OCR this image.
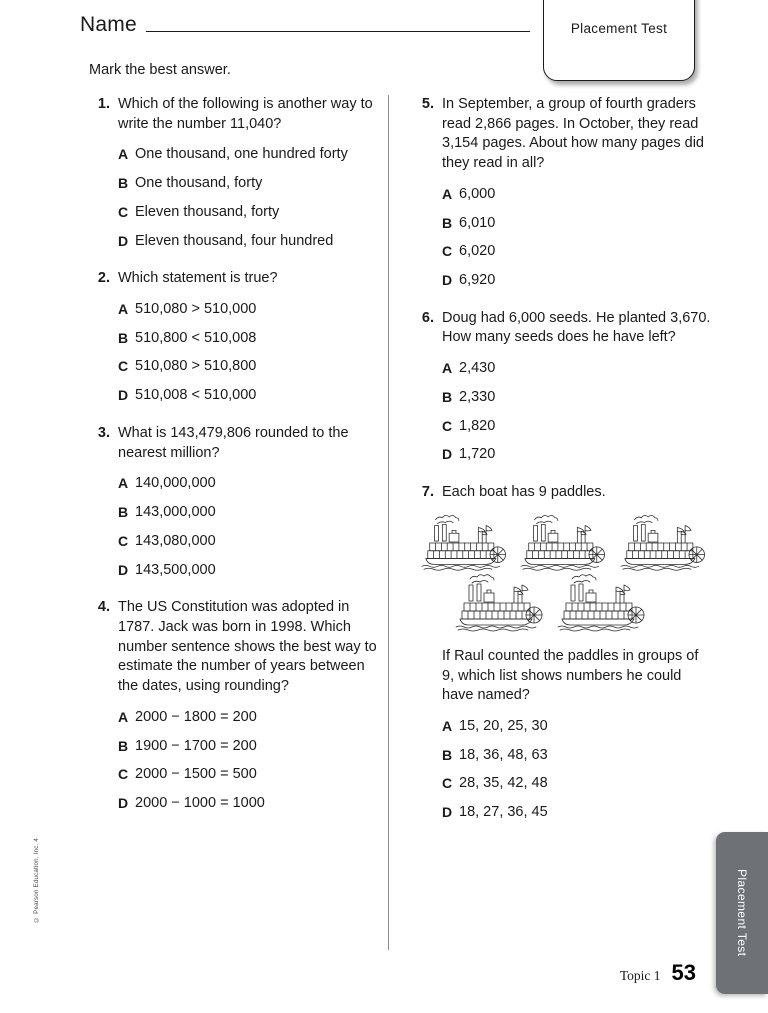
Name	Placement Test
Mark the best answer.
1. Which of the following is another way to write the number 11,040?
A One thousand, one hundred forty
B One thousand, forty
C Eleven thousand, forty
D Eleven thousand, four hundred
2. Which statement is true?
A 510,080 > 510,000
B 510,800 < 510,008
C 510,080 > 510,800
D 510,008 < 510,000
3. What is 143,479,806 rounded to the nearest million?
A 140,000,000
B 143,000,000
C 143,080,000
D 143,500,000
4. The US Constitution was adopted in 1787. Jack was born in 1998. Which number sentence shows the best way to estimate the number of years between the dates, using rounding?
A 2000 − 1800 = 200
B 1900 − 1700 = 200
C 2000 − 1500 = 500
D 2000 − 1000 = 1000
5. In September, a group of fourth graders read 2,866 pages. In October, they read 3,154 pages. About how many pages did they read in all?
A 6,000
B 6,010
C 6,020
D 6,920
6. Doug had 6,000 seeds. He planted 3,670. How many seeds does he have left?
A 2,430
B 2,330
C 1,820
D 1,720
7. Each boat has 9 paddles.
If Raul counted the paddles in groups of 9, which list shows numbers he could have named?
A 15, 20, 25, 30
B 18, 36, 48, 63
C 28, 35, 42, 48
D 18, 27, 36, 45
Topic 1 53
Placement Test
© Pearson Education, Inc. 4
